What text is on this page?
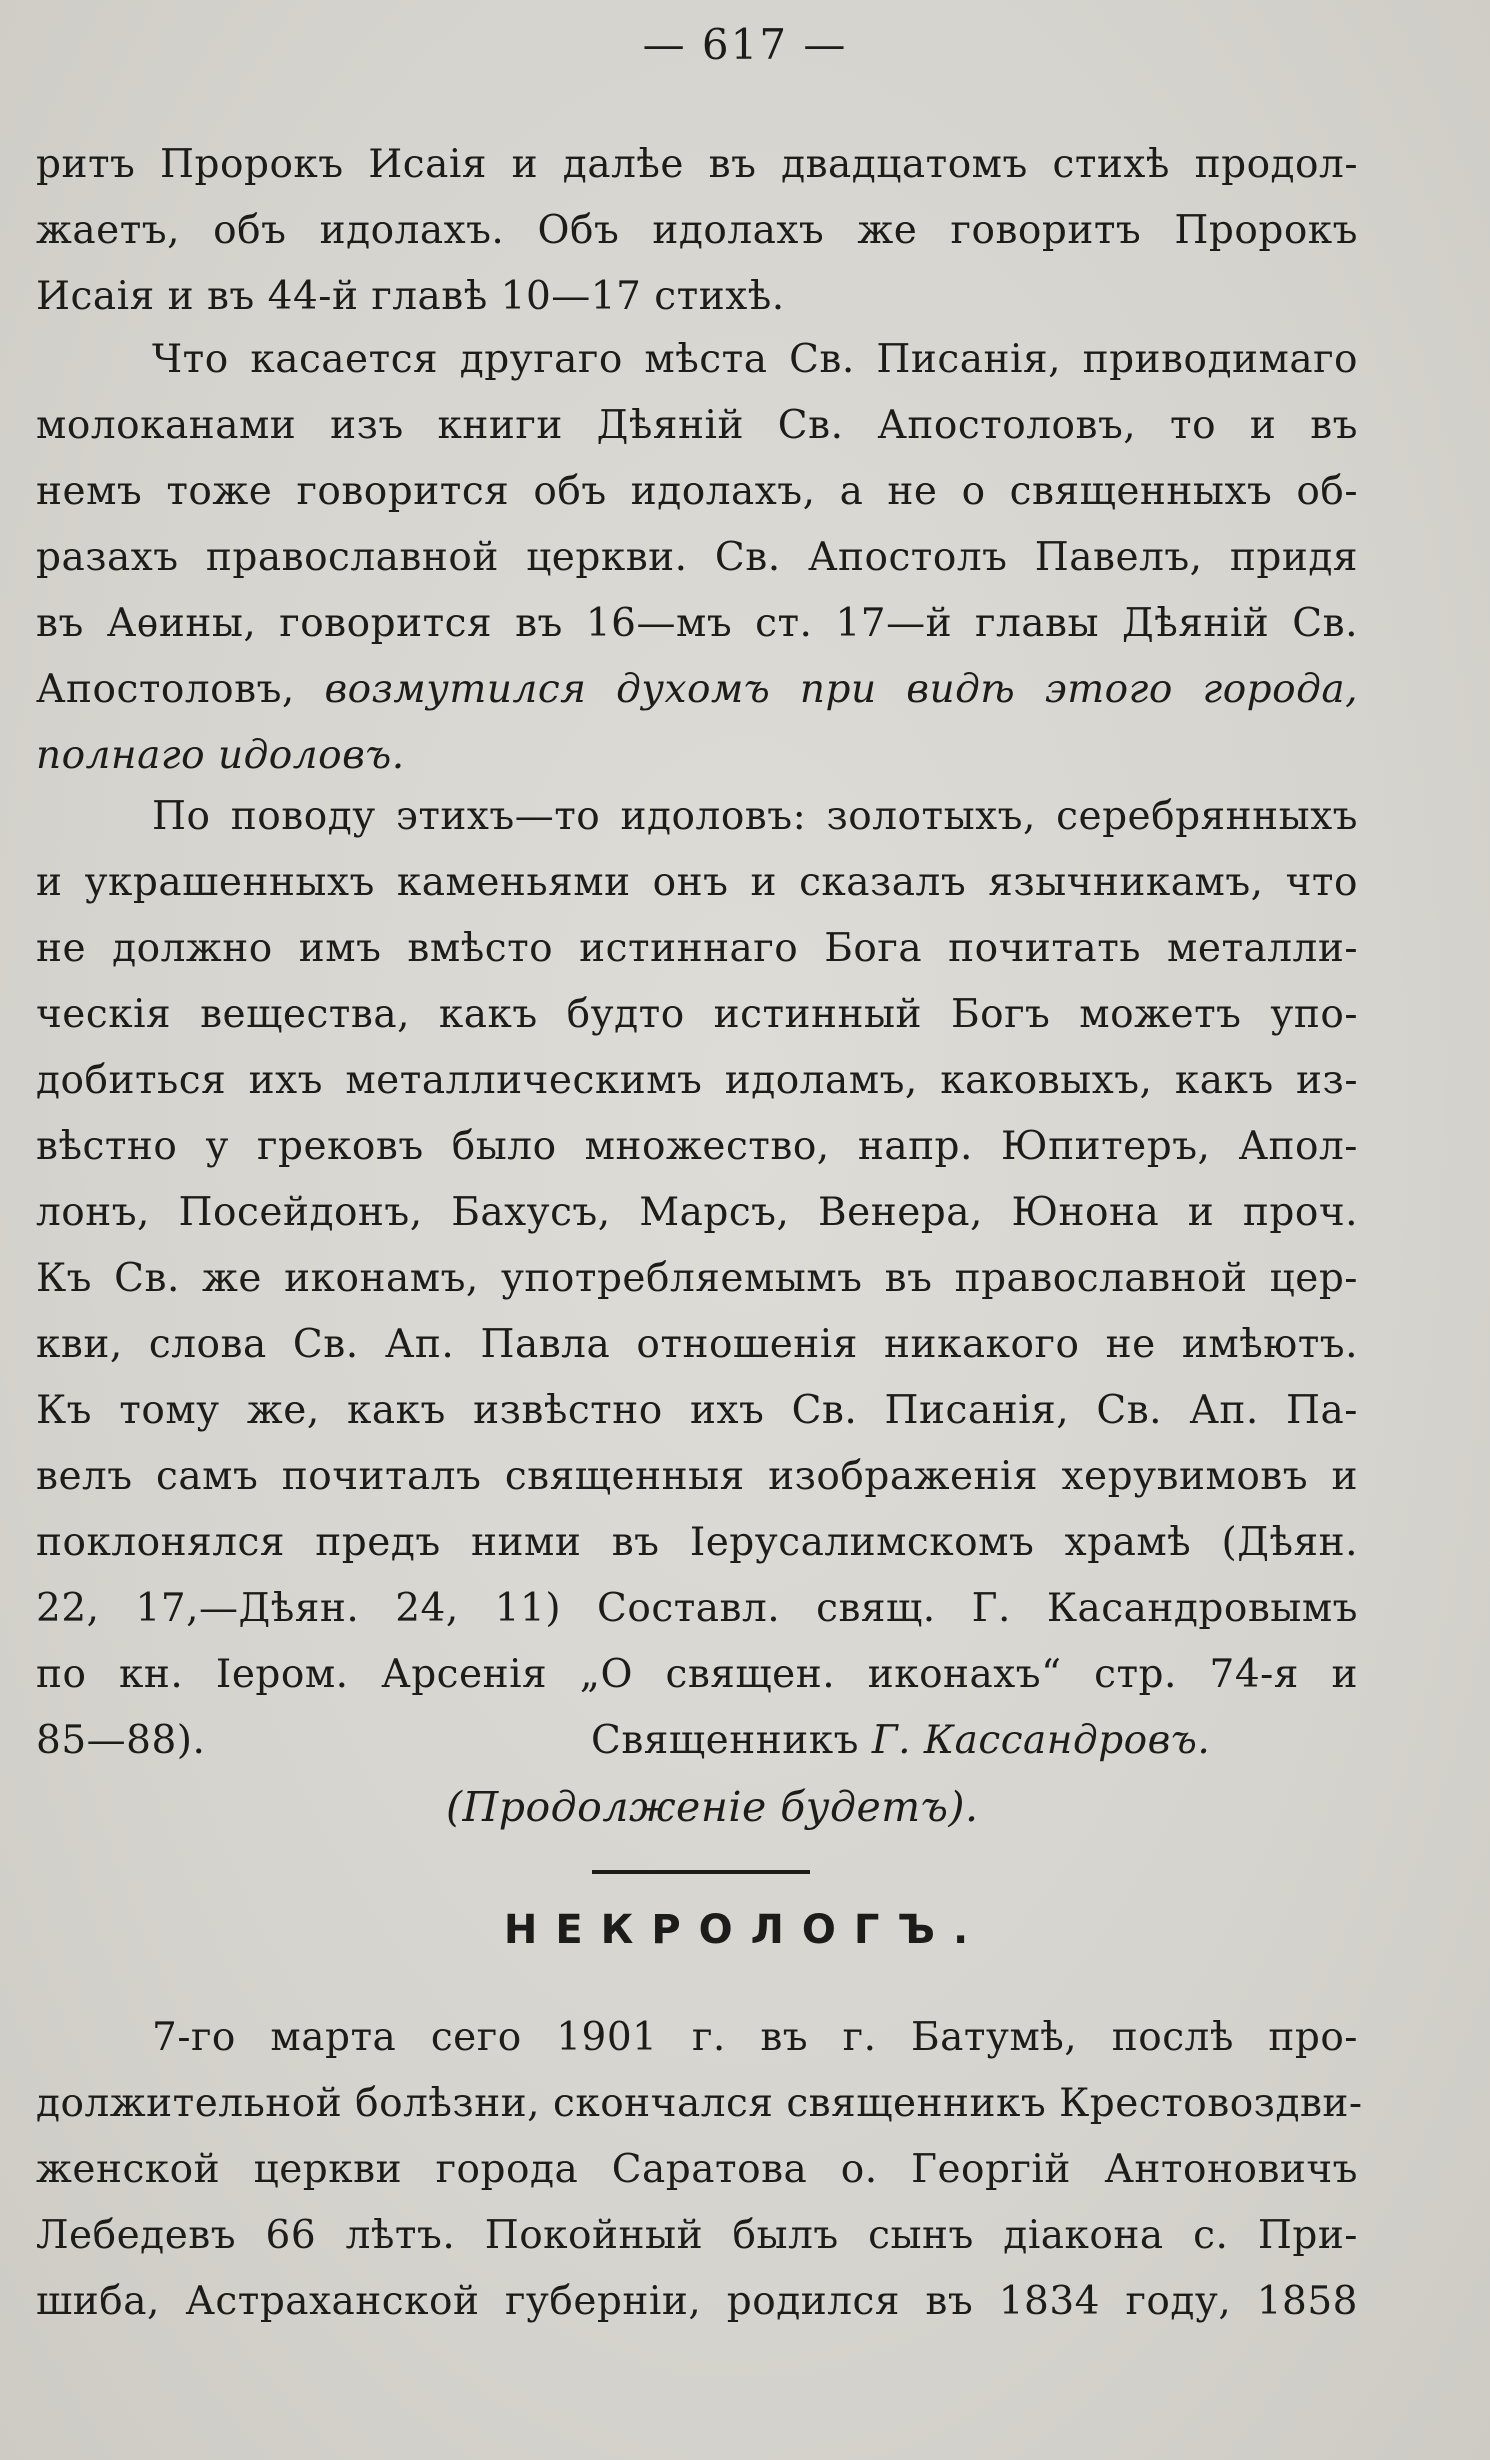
— 617 —
ритъ Пророкъ Исаія и далѣе въ двадцатомъ стихѣ продол-
жаетъ, объ идолахъ. Объ идолахъ же говоритъ Пророкъ
Исаія и въ 44-й главѣ 10—17 стихѣ.
Что касается другаго мѣста Св. Писанія, приводимаго
молоканами изъ книги Дѣяній Св. Апостоловъ, то и въ
немъ тоже говорится объ идолахъ, а не о священныхъ об-
разахъ православной церкви. Св. Апостолъ Павелъ, придя
въ Аѳины, говорится въ 16—мъ ст. 17—й главы Дѣяній Св.
Апостоловъ, возмутился духомъ при видѣ этого города,
полнаго идоловъ.
По поводу этихъ—то идоловъ: золотыхъ, серебрянныхъ
и украшенныхъ каменьями онъ и сказалъ язычникамъ, что
не должно имъ вмѣсто истиннаго Бога почитать металли-
ческія вещества, какъ будто истинный Богъ можетъ упо-
добиться ихъ металлическимъ идоламъ, каковыхъ, какъ из-
вѣстно у грековъ было множество, напр. Юпитеръ, Апол-
лонъ, Посейдонъ, Бахусъ, Марсъ, Венера, Юнона и проч.
Къ Св. же иконамъ, употребляемымъ въ православной цер-
кви, слова Св. Ап. Павла отношенія никакого не имѣютъ.
Къ тому же, какъ извѣстно ихъ Св. Писанія, Св. Ап. Па-
велъ самъ почиталъ священныя изображенія херувимовъ и
поклонялся предъ ними въ Іерусалимскомъ храмѣ (Дѣян.
22, 17,—Дѣян. 24, 11) Составл. свящ. Г. Касандровымъ
по кн. Іером. Арсенія „О священ. иконахъ“ стр. 74-я и
85—88).	Священникъ Г. Кассандровъ.
(Продолженіе будетъ).
НЕКРОЛОГЪ.
7-го марта сего 1901 г. въ г. Батумѣ, послѣ про-
должительной болѣзни, скончался священникъ Крестовоздви-
женской церкви города Саратова о. Георгій Антоновичъ
Лебедевъ 66 лѣтъ. Покойный былъ сынъ діакона с. При-
шиба, Астраханской губерніи, родился въ 1834 году, 1858
